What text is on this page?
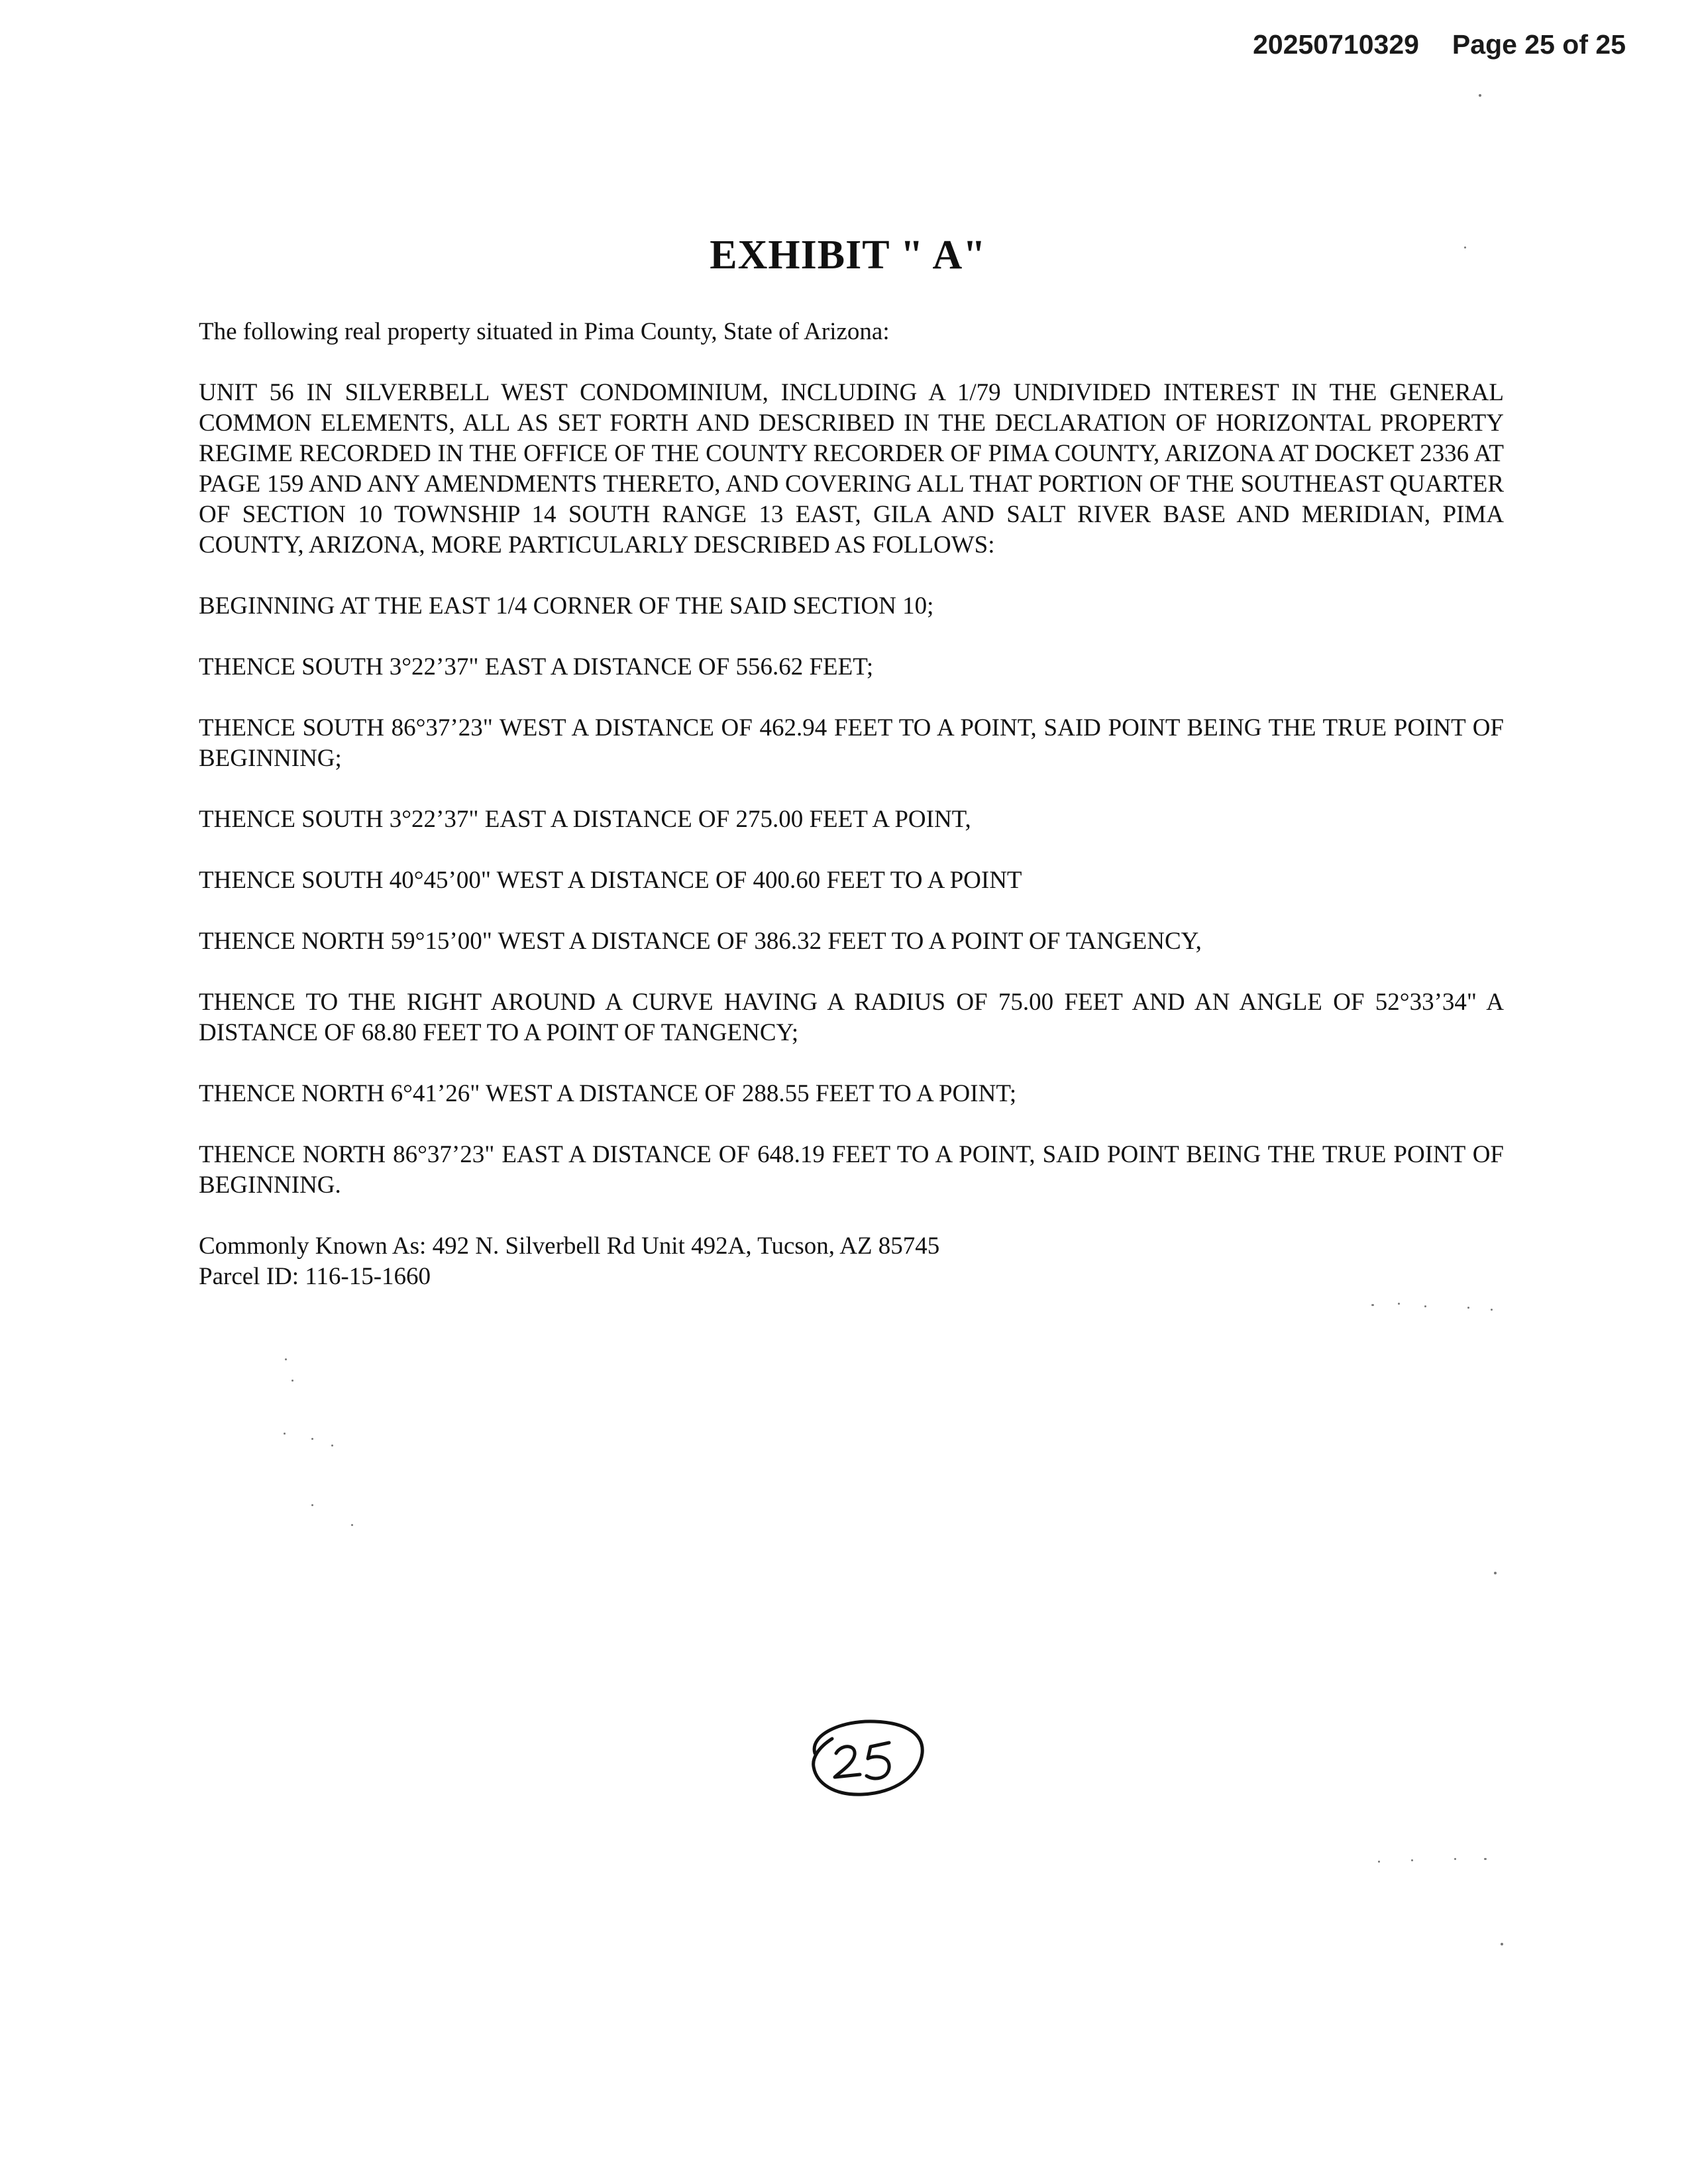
20250710329 Page 25 of 25
EXHIBIT " A"

The following real property situated in Pima County, State of Arizona:

UNIT 56 IN SILVERBELL WEST CONDOMINIUM, INCLUDING A 1/79 UNDIVIDED INTEREST IN THE GENERAL COMMON ELEMENTS, ALL AS SET FORTH AND DESCRIBED IN THE DECLARATION OF HORIZONTAL PROPERTY REGIME RECORDED IN THE OFFICE OF THE COUNTY RECORDER OF PIMA COUNTY, ARIZONA AT DOCKET 2336 AT PAGE 159 AND ANY AMENDMENTS THERETO, AND COVERING ALL THAT PORTION OF THE SOUTHEAST QUARTER OF SECTION 10 TOWNSHIP 14 SOUTH RANGE 13 EAST, GILA AND SALT RIVER BASE AND MERIDIAN, PIMA COUNTY, ARIZONA, MORE PARTICULARLY DESCRIBED AS FOLLOWS:

BEGINNING AT THE EAST 1/4 CORNER OF THE SAID SECTION 10;

THENCE SOUTH 3°22’37" EAST A DISTANCE OF 556.62 FEET;

THENCE SOUTH 86°37’23" WEST A DISTANCE OF 462.94 FEET TO A POINT, SAID POINT BEING THE TRUE POINT OF BEGINNING;

THENCE SOUTH 3°22’37" EAST A DISTANCE OF 275.00 FEET A POINT,

THENCE SOUTH 40°45’00" WEST A DISTANCE OF 400.60 FEET TO A POINT

THENCE NORTH 59°15’00" WEST A DISTANCE OF 386.32 FEET TO A POINT OF TANGENCY,

THENCE TO THE RIGHT AROUND A CURVE HAVING A RADIUS OF 75.00 FEET AND AN ANGLE OF 52°33’34" A DISTANCE OF 68.80 FEET TO A POINT OF TANGENCY;

THENCE NORTH 6°41’26" WEST A DISTANCE OF 288.55 FEET TO A POINT;

THENCE NORTH 86°37’23" EAST A DISTANCE OF 648.19 FEET TO A POINT, SAID POINT BEING THE TRUE POINT OF BEGINNING.

Commonly Known As: 492 N. Silverbell Rd Unit 492A, Tucson, AZ 85745

Parcel ID: 116-15-1660
